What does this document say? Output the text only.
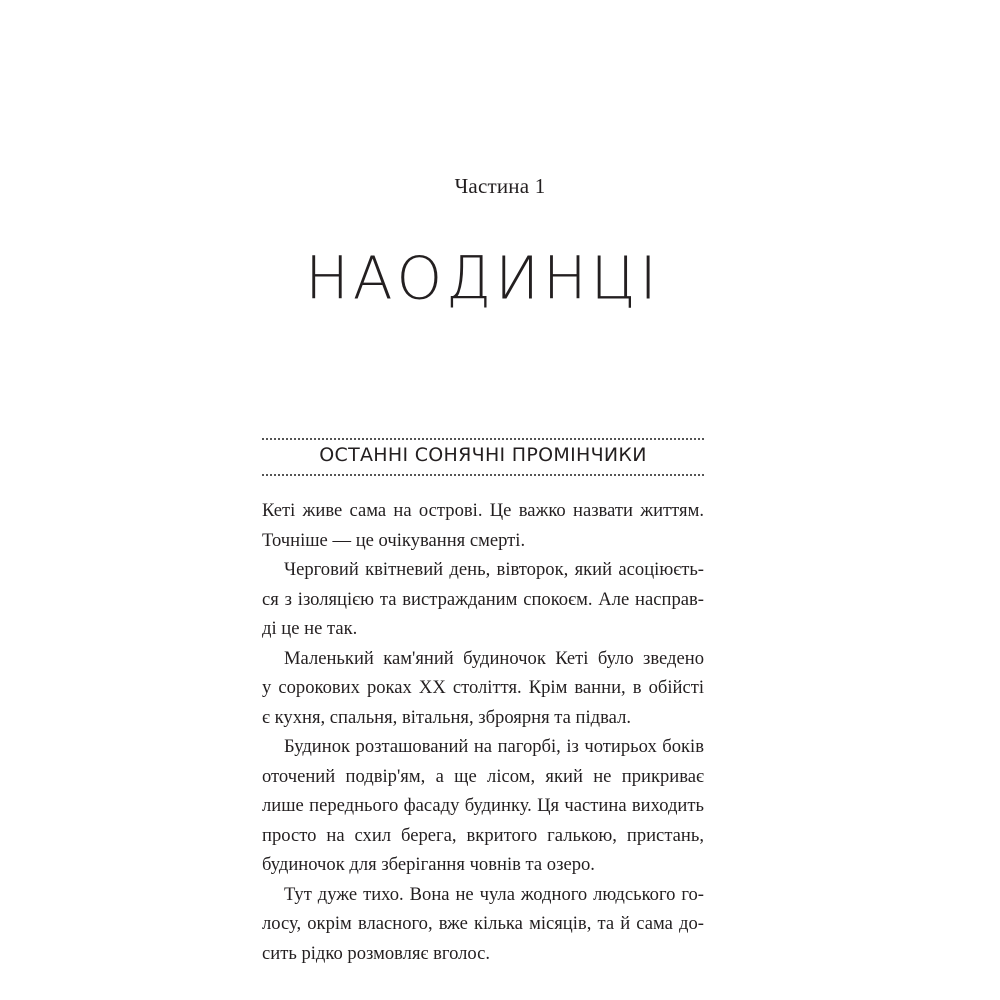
Частина 1
НАОДИНЦІ
ОСТАННІ СОНЯЧНІ ПРОМІНЧИКИ
Кеті живе сама на острові. Це важко назвати життям.
Точніше — це очікування смерті.
Черговий квітневий день, вівторок, який асоціюєть-
ся з ізоляцією та вистражданим спокоєм. Але насправ-
ді це не так.
Маленький кам'яний будиночок Кеті було зведено
у сорокових роках ХХ століття. Крім ванни, в обійсті
є кухня, спальня, вітальня, зброярня та підвал.
Будинок розташований на пагорбі, із чотирьох боків
оточений подвір'ям, а ще лісом, який не прикриває
лише переднього фасаду будинку. Ця частина виходить
просто на схил берега, вкритого галькою, пристань,
будиночок для зберігання човнів та озеро.
Тут дуже тихо. Вона не чула жодного людського го-
лосу, окрім власного, вже кілька місяців, та й сама до-
сить рідко розмовляє вголос.
